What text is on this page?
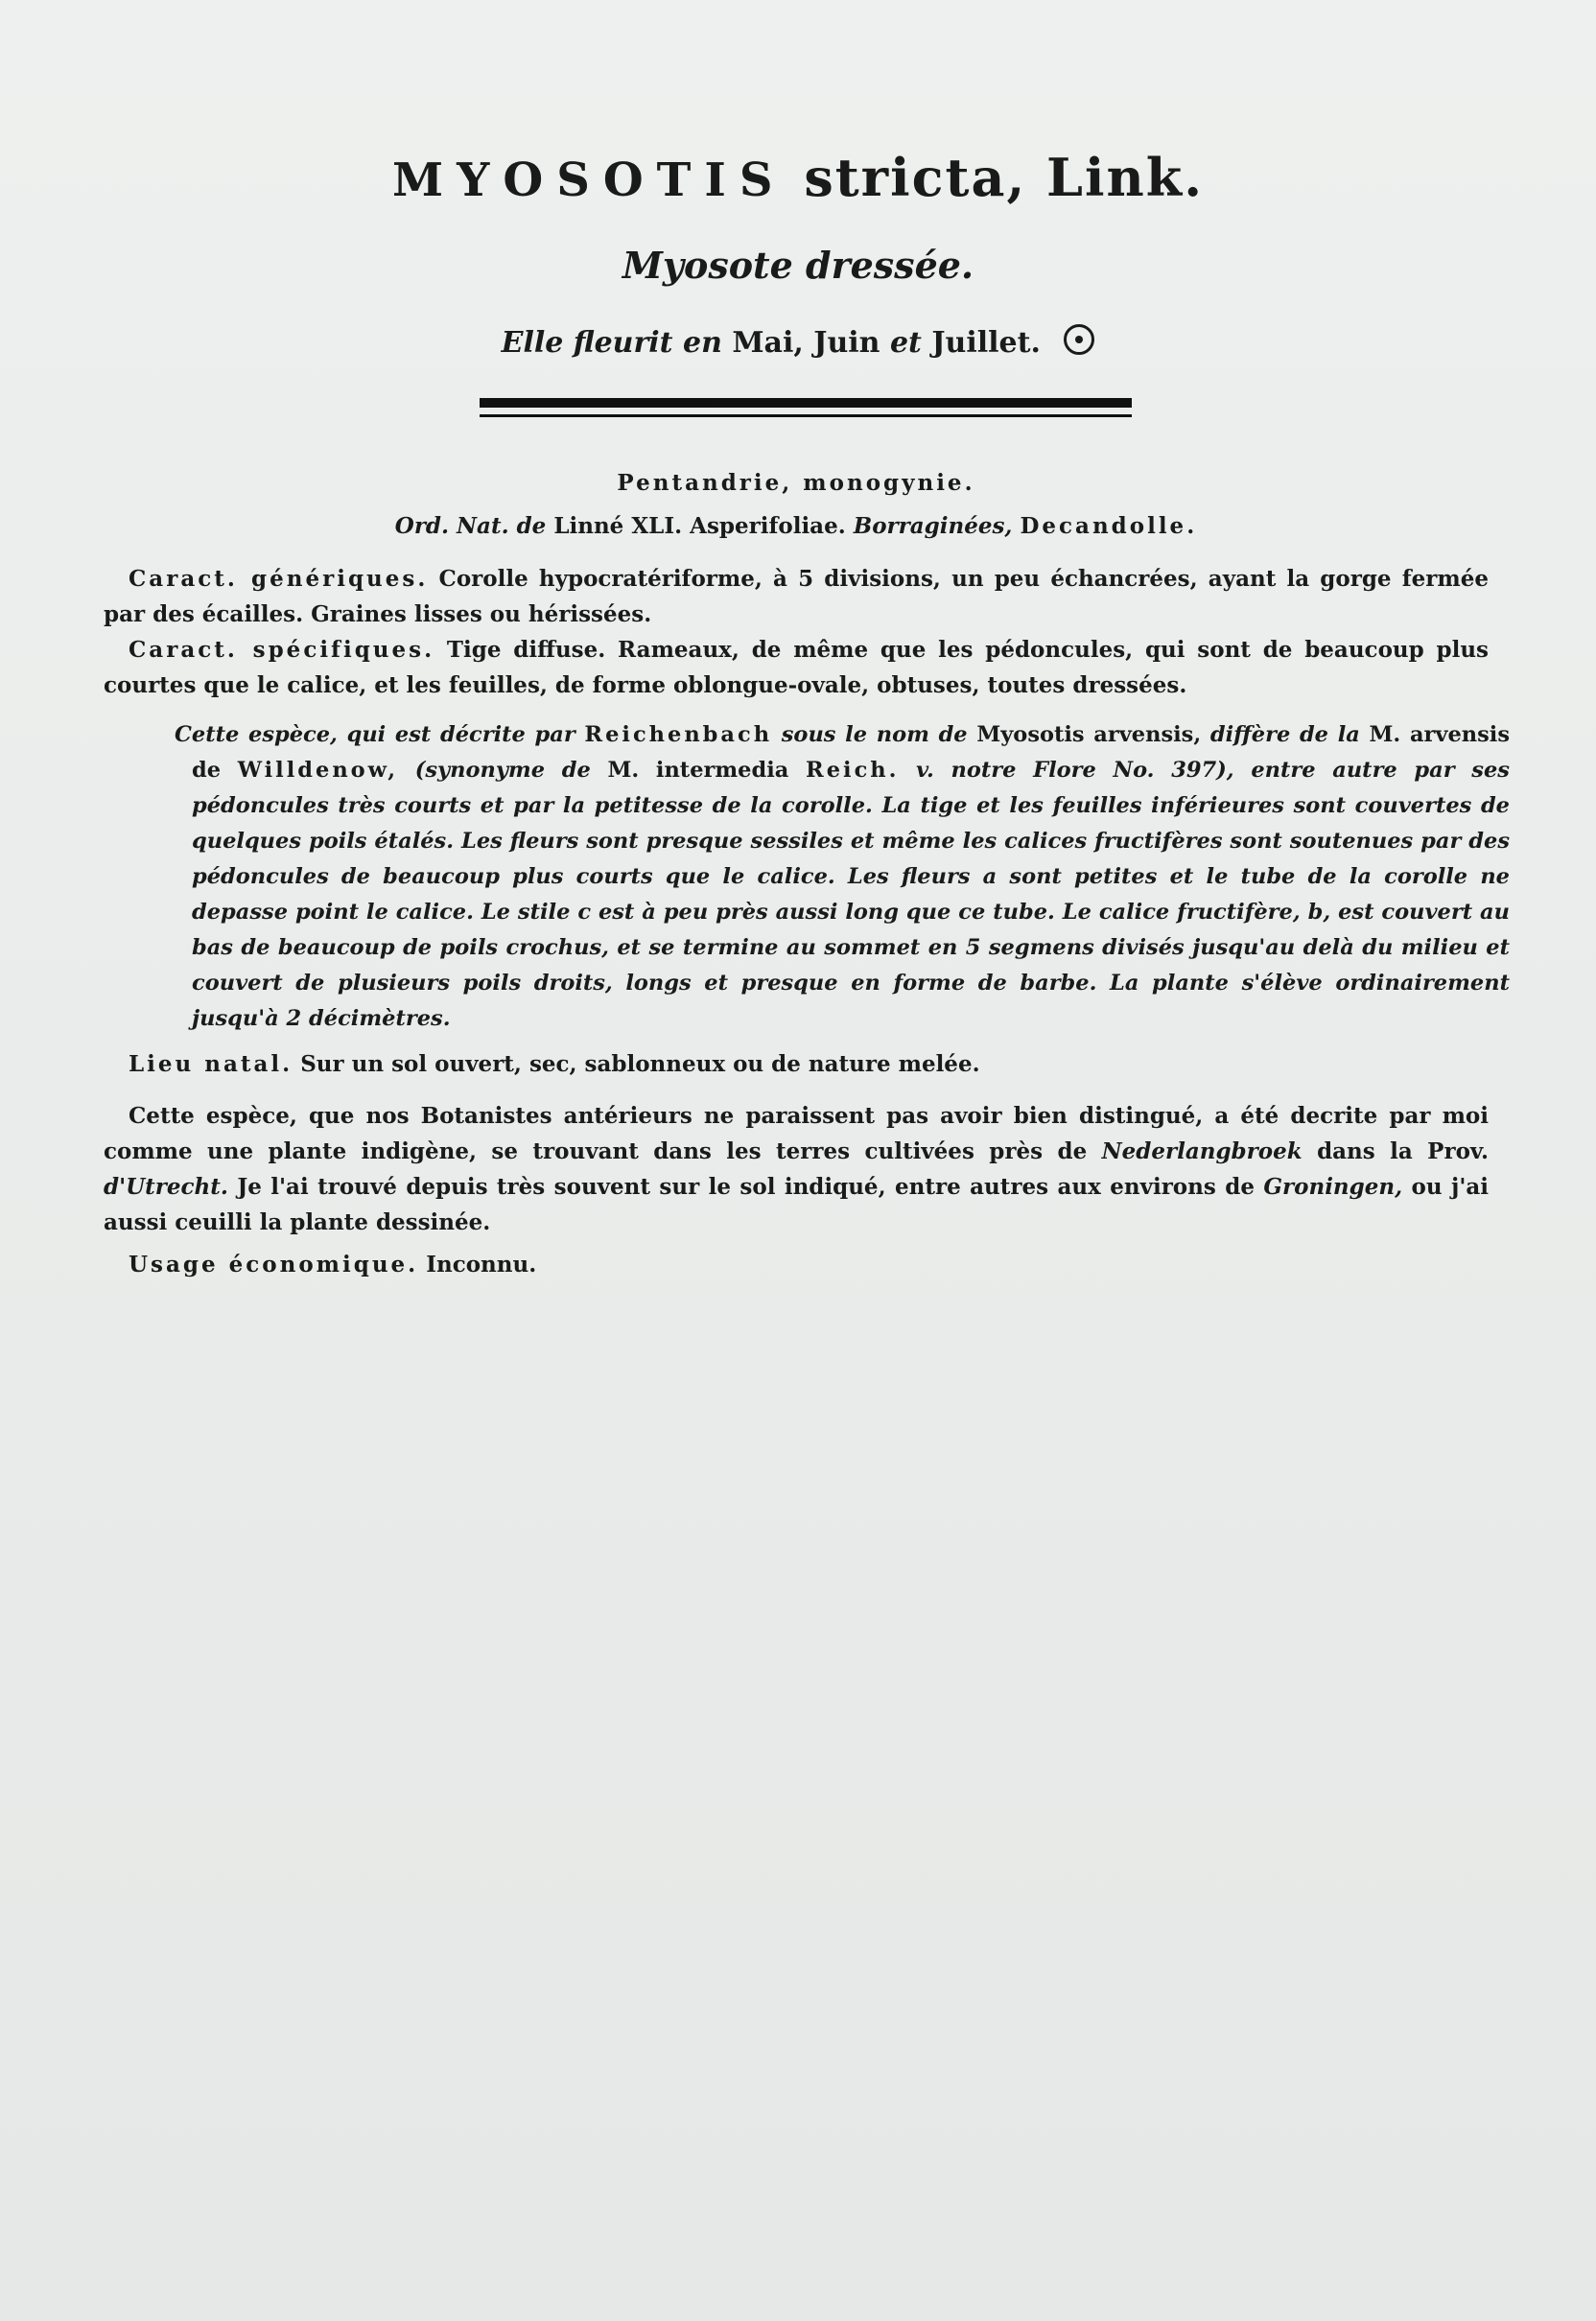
MYOSOTIS stricta, Link.
Myosote dressée.
Elle fleurit en Mai, Juin et Juillet.
Pentandrie, monogynie.
Ord. Nat. de Linné XLI. Asperifoliae. Borraginées, Decandolle.
Caract. génériques. Corolle hypocratériforme, à 5 divisions, un peu échancrées, ayant la gorge fermée par des écailles. Graines lisses ou hérissées.
Caract. spécifiques. Tige diffuse. Rameaux, de même que les pédoncules, qui sont de beaucoup plus courtes que le calice, et les feuilles, de forme oblongue-ovale, obtuses, toutes dressées.
Cette espèce, qui est décrite par Reichenbach sous le nom de Myosotis arvensis, diffère de la M. arvensis de Willdenow, (synonyme de M. intermedia Reich. v. notre Flore No. 397), entre autre par ses pédoncules très courts et par la petitesse de la corolle. La tige et les feuilles inférieures sont couvertes de quelques poils étalés. Les fleurs sont presque sessiles et même les calices fructifères sont soutenues par des pédoncules de beaucoup plus courts que le calice. Les fleurs a sont petites et le tube de la corolle ne depasse point le calice. Le stile c est à peu près aussi long que ce tube. Le calice fructifère, b, est couvert au bas de beaucoup de poils crochus, et se termine au sommet en 5 segmens divisés jusqu'au delà du milieu et couvert de plusieurs poils droits, longs et presque en forme de barbe. La plante s'élève ordinairement jusqu'à 2 décimètres.
Lieu natal. Sur un sol ouvert, sec, sablonneux ou de nature melée.
Cette espèce, que nos Botanistes antérieurs ne paraissent pas avoir bien distingué, a été decrite par moi comme une plante indigène, se trouvant dans les terres cultivées près de Nederlangbroek dans la Prov. d'Utrecht. Je l'ai trouvé depuis très souvent sur le sol indiqué, entre autres aux environs de Groningen, ou j'ai aussi ceuilli la plante dessinée.
Usage économique. Inconnu.
